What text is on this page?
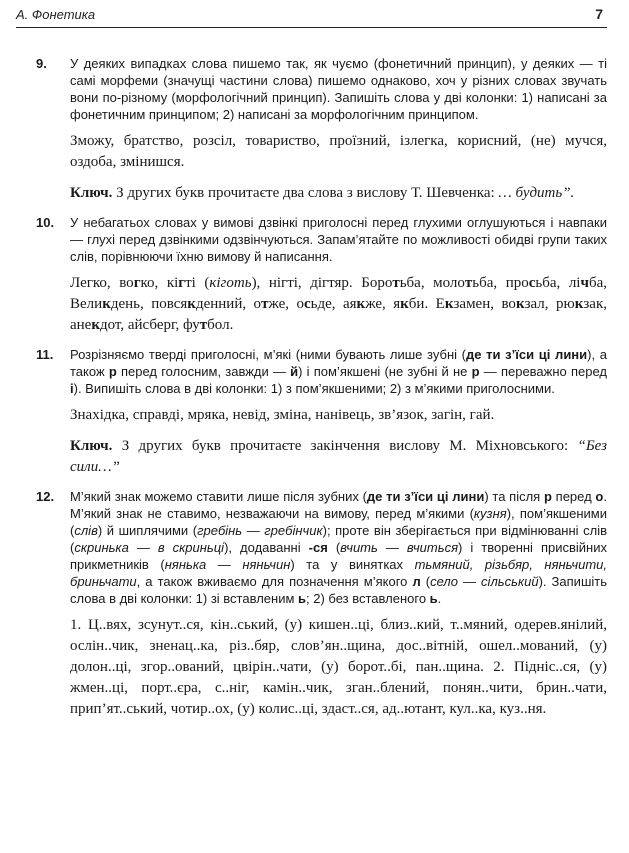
А. Фонетика	7
9. У деяких випадках слова пишемо так, як чуємо (фонетичний принцип), у деяких — ті самі морфеми (значущі частини слова) пишемо однаково, хоч у різних словах звучать вони по-різному (морфологічний принцип). Запишіть слова у дві колонки: 1) написані за фонетичним принципом; 2) написані за морфологічним принципом.

Зможу, братство, розсіл, товариство, проїзний, ізлегка, корисний, (не) мучся, оздоба, змінишся.

Ключ. З других букв прочитаєте два слова з вислову Т. Шевченка: … будить”.

10. У небагатьох словах у вимові дзвінкі приголосні перед глухими оглушуються і навпаки — глухі перед дзвінкими одзвінчуються. Запам’ятайте по можливості обидві групи таких слів, порівнюючи їхню вимову й написання.

Легко, вогко, кігті (кіготь), нігті, дігтяр. Боротьба, молотьба, просьба, лічба, Великдень, повсякденний, отже, осьде, аякже, якби. Екзамен, вокзал, рюкзак, анекдот, айсберг, футбол.

11. Розрізняємо тверді приголосні, м’які (ними бувають лише зубні (де ти з’їси ці лини), а також р перед голосним, завжди — й) і пом’якшені (не зубні й не р — переважно перед і). Випишіть слова в дві колонки: 1) з пом’якшеними; 2) з м’якими приголосними.

Знахідка, справді, мряка, невід, зміна, нанівець, зв’язок, загін, гай.

Ключ. З других букв прочитаєте закінчення вислову М. Міхновського: “Без сили…”

12. М’який знак можемо ставити лише після зубних (де ти з’їси ці лини) та після р перед о. М’який знак не ставимо, незважаючи на вимову, перед м’якими (кузня), пом’якшеними (слів) й шиплячими (гребінь — гребінчик); проте він зберігається при відмінюванні слів (скринька — в скриньці), додаванні -ся (вчить — вчиться) і творенні присвійних прикметників (нянька — няньчин) та у винятках тьмяний, різьбяр, няньчити, бриньчати, а також вживаємо для позначення м’якого л (село — сільський). Запишіть слова в дві колонки: 1) зі вставленим ь; 2) без вставленого ь.

1. Ц..вях, зсунут..ся, кін..ський, (у) кишен..ці, близ..кий, т..мяний, одерев.янілий, ослін..чик, зненац..ка, різ..бяр, слов’ян..щина, дос..вітній, ошел..мований, (у) долон..ці, згор..ований, цвірін..чати, (у) борот..бі, пан..щина. 2. Підніс..ся, (у) жмен..ці, порт..єра, с..ніг, камін..чик, зган..блений, понян..чити, брин..чати, прип’ят..ський, чотир..ох, (у) колис..ці, здаст..ся, ад..ютант, кул..ка, куз..ня.
